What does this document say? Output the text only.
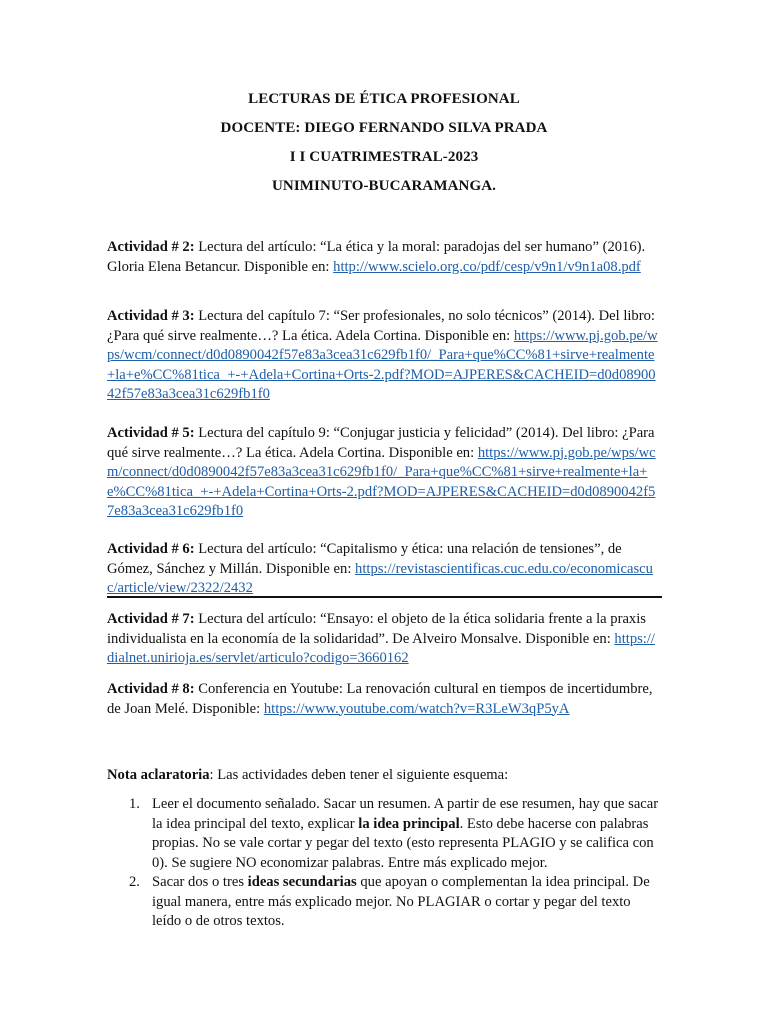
LECTURAS DE ÉTICA PROFESIONAL
DOCENTE: DIEGO FERNANDO SILVA PRADA
I I CUATRIMESTRAL-2023
UNIMINUTO-BUCARAMANGA.

Actividad # 2: Lectura del artículo: “La ética y la moral: paradojas del ser humano” (2016). Gloria Elena Betancur. Disponible en: http://www.scielo.org.co/pdf/cesp/v9n1/v9n1a08.pdf

Actividad # 3: Lectura del capítulo 7: “Ser profesionales, no solo técnicos” (2014). Del libro: ¿Para qué sirve realmente…? La ética. Adela Cortina. Disponible en: https://www.pj.gob.pe/wps/wcm/connect/d0d0890042f57e83a3cea31c629fb1f0/_Para+que%CC%81+sirve+realmente+la+e%CC%81tica_+-+Adela+Cortina+Orts-2.pdf?MOD=AJPERES&CACHEID=d0d0890042f57e83a3cea31c629fb1f0

Actividad # 5: Lectura del capítulo 9: “Conjugar justicia y felicidad” (2014). Del libro: ¿Para qué sirve realmente…? La ética. Adela Cortina. Disponible en: https://www.pj.gob.pe/wps/wcm/connect/d0d0890042f57e83a3cea31c629fb1f0/_Para+que%CC%81+sirve+realmente+la+e%CC%81tica_+-+Adela+Cortina+Orts-2.pdf?MOD=AJPERES&CACHEID=d0d0890042f57e83a3cea31c629fb1f0

Actividad # 6: Lectura del artículo: “Capitalismo y ética: una relación de tensiones”, de Gómez, Sánchez y Millán. Disponible en: https://revistascientificas.cuc.edu.co/economicascuc/article/view/2322/2432

Actividad # 7: Lectura del artículo: “Ensayo: el objeto de la ética solidaria frente a la praxis individualista en la economía de la solidaridad”. De Alveiro Monsalve. Disponible en: https://dialnet.unirioja.es/servlet/articulo?codigo=3660162

Actividad # 8: Conferencia en Youtube: La renovación cultural en tiempos de incertidumbre, de Joan Melé. Disponible: https://www.youtube.com/watch?v=R3LeW3qP5yA

Nota aclaratoria: Las actividades deben tener el siguiente esquema:

1. Leer el documento señalado. Sacar un resumen. A partir de ese resumen, hay que sacar la idea principal del texto, explicar la idea principal. Esto debe hacerse con palabras propias. No se vale cortar y pegar del texto (esto representa PLAGIO y se califica con 0). Se sugiere NO economizar palabras. Entre más explicado mejor.
2. Sacar dos o tres ideas secundarias que apoyan o complementan la idea principal. De igual manera, entre más explicado mejor. No PLAGIAR o cortar y pegar del texto leído o de otros textos.
